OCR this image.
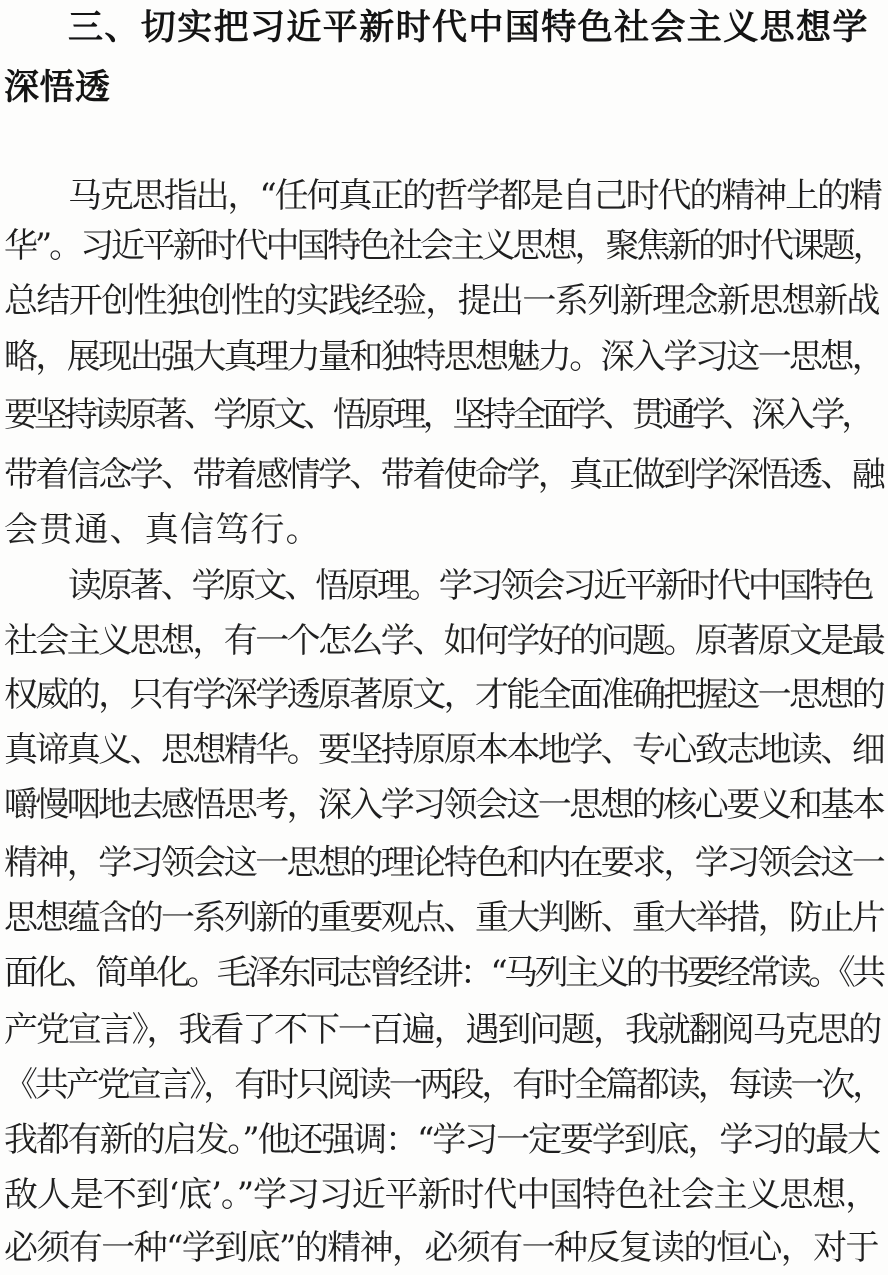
三、切实把习近平新时代中国特色社会主义思想学

深悟透

马克思指出，“任何真正的哲学都是自己时代的精神上的精

华”。习近平新时代中国特色社会主义思想，聚焦新的时代课题，

总结开创性独创性的实践经验，提出一系列新理念新思想新战

略，展现出强大真理力量和独特思想魅力。深入学习这一思想，

要坚持读原著、学原文、悟原理，坚持全面学、贯通学、深入学，

带着信念学、带着感情学、带着使命学，真正做到学深悟透、融

会贯通、真信笃行。

读原著、学原文、悟原理。学习领会习近平新时代中国特色

社会主义思想，有一个怎么学、如何学好的问题。原著原文是最

权威的，只有学深学透原著原文，才能全面准确把握这一思想的

真谛真义、思想精华。要坚持原原本本地学、专心致志地读、细

嚼慢咽地去感悟思考，深入学习领会这一思想的核心要义和基本

精神，学习领会这一思想的理论特色和内在要求，学习领会这一

思想蕴含的一系列新的重要观点、重大判断、重大举措，防止片

面化、简单化。毛泽东同志曾经讲：“马列主义的书要经常读。《共

产党宣言》，我看了不下一百遍，遇到问题，我就翻阅马克思的

《共产党宣言》，有时只阅读一两段，有时全篇都读，每读一次，

我都有新的启发。”他还强调：“学习一定要学到底，学习的最大

敌人是不到‘底’。”学习习近平新时代中国特色社会主义思想，

必须有一种“学到底”的精神，必须有一种反复读的恒心，对于
